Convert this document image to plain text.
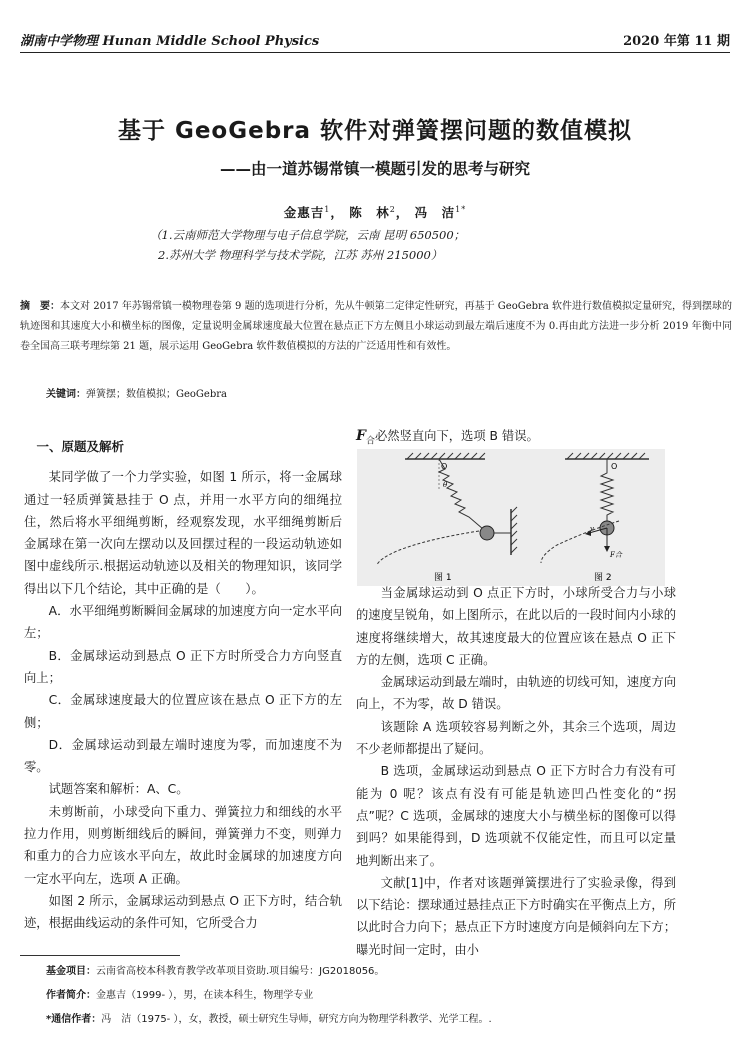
湖南中学物理 Hunan Middle School Physics	2020 年第 11 期
基于 GeoGebra 软件对弹簧摆问题的数值模拟
——由一道苏锡常镇一模题引发的思考与研究
金惠吉$^1$， 陈　林$^2$， 冯　洁$^{1*}$
（1.云南师范大学物理与电子信息学院，云南 昆明 650500；
2.苏州大学 物理科学与技术学院，江苏 苏州 215000）
摘　要：本文对 2017 年苏锡常镇一模物理卷第 9 题的选项进行分析，先从牛顿第二定律定性研究，再基于 GeoGebra 软件进行数值模拟定量研究，得到摆球的轨迹图和其速度大小和横坐标的图像，定量说明金属球速度最大位置在悬点正下方左侧且小球运动到最左端后速度不为 0.再由此方法进一步分析 2019 年衡中同卷全国高三联考理综第 21 题，展示运用 GeoGebra 软件数值模拟的方法的广泛适用性和有效性。
关键词：弹簧摆；数值模拟；GeoGebra

一、原题及解析

某同学做了一个力学实验，如图 1 所示，将一金属球通过一轻质弹簧悬挂于 O 点，并用一水平方向的细绳拉住，然后将水平细绳剪断，经观察发现，水平细绳剪断后金属球在第一次向左摆动以及回摆过程的一段运动轨迹如图中虚线所示.根据运动轨迹以及相关的物理知识，该同学得出以下几个结论，其中正确的是（　　）。

A．水平细绳剪断瞬间金属球的加速度方向一定水平向左；

B．金属球运动到悬点 O 正下方时所受合力方向竖直向上；

C．金属球速度最大的位置应该在悬点 O 正下方的左侧；

D．金属球运动到最左端时速度为零，而加速度不为零。

试题答案和解析：A、C。

未剪断前，小球受向下重力、弹簧拉力和细线的水平拉力作用，则剪断细线后的瞬间，弹簧弹力不变，则弹力和重力的合力应该水平向左，故此时金属球的加速度方向一定水平向左，选项 A 正确。

如图 2 所示，金属球运动到悬点 O 正下方时，结合轨迹，根据曲线运动的条件可知，它所受合力

$F_合$必然竖直向下，选项 B 错误。

O
θ
图 1
O
v
F合
图 2

当金属球运动到 O 点正下方时，小球所受合力与小球的速度呈锐角，如上图所示，在此以后的一段时间内小球的速度将继续增大，故其速度最大的位置应该在悬点 O 正下方的左侧，选项 C 正确。

金属球运动到最左端时，由轨迹的切线可知，速度方向向上，不为零，故 D 错误。

该题除 A 选项较容易判断之外，其余三个选项，周边不少老师都提出了疑问。

B 选项，金属球运动到悬点 O 正下方时合力有没有可能为 0 呢？该点有没有可能是轨迹凹凸性变化的“拐点”呢？C 选项，金属球的速度大小与横坐标的图像可以得到吗？如果能得到，D 选项就不仅能定性，而且可以定量地判断出来了。

文献[1]中，作者对该题弹簧摆进行了实验录像，得到以下结论：摆球通过悬挂点正下方时确实在平衡点上方，所以此时合力向下；悬点正下方时速度方向是倾斜向左下方；曝光时间一定时，由小

基金项目：云南省高校本科教育教学改革项目资助.项目编号：JG2018056。
作者简介：金惠吉（1999- ），男，在读本科生，物理学专业
*通信作者：冯　洁（1975- ），女，教授，硕士研究生导师，研究方向为物理学科教学、光学工程。.
